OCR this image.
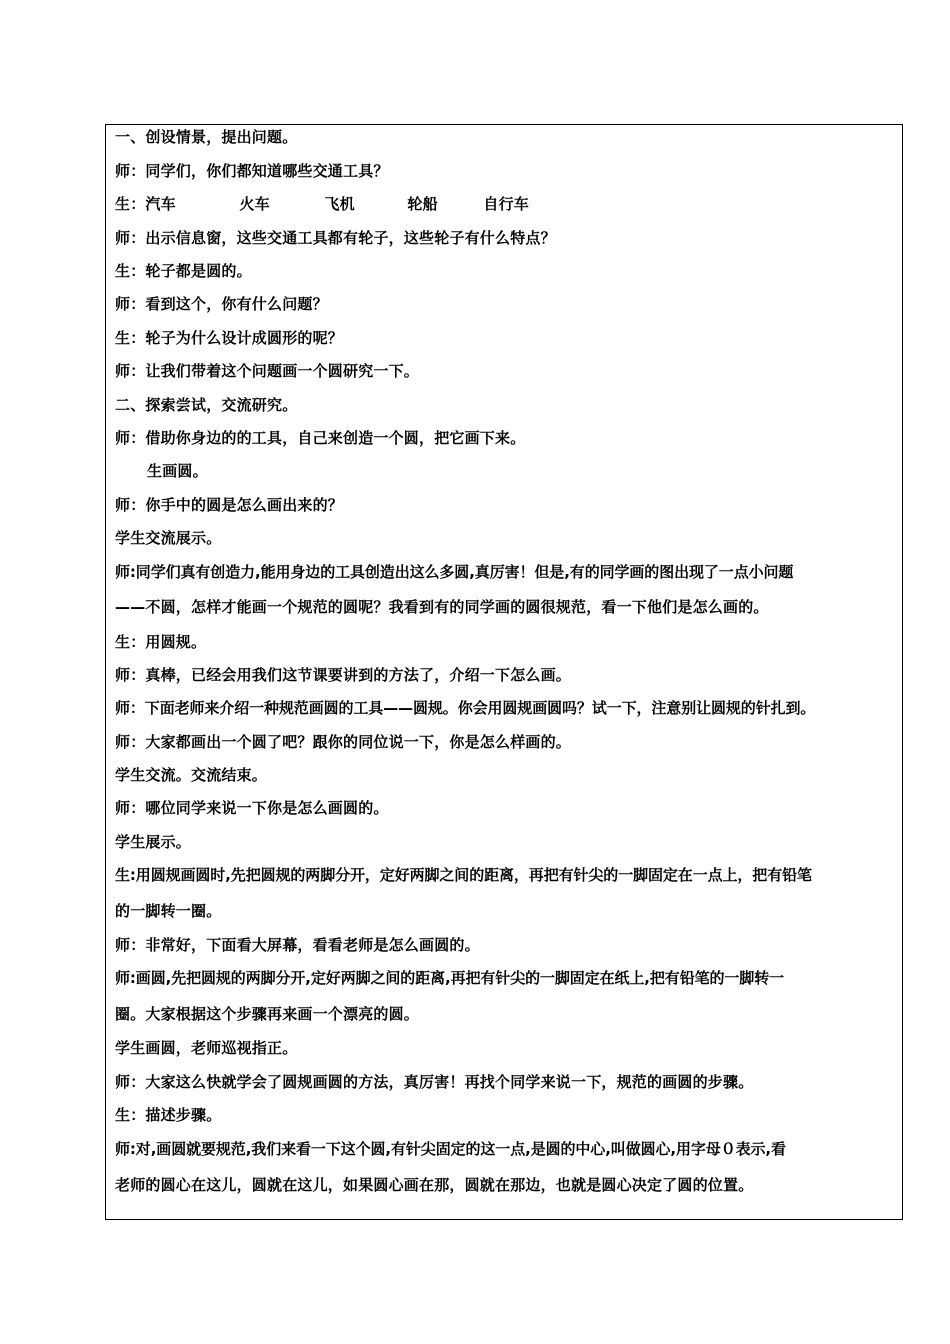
一、创设情景，提出问题。
师：同学们，你们都知道哪些交通工具？
生：汽车	火车	飞机	轮船	自行车
师：出示信息窗，这些交通工具都有轮子，这些轮子有什么特点？
生：轮子都是圆的。
师：看到这个，你有什么问题？
生：轮子为什么设计成圆形的呢？
师：让我们带着这个问题画一个圆研究一下。
二、探索尝试，交流研究。
师：借助你身边的的工具，自己来创造一个圆，把它画下来。
生画圆。
师：你手中的圆是怎么画出来的？
学生交流展示。
师:同学们真有创造力,能用身边的工具创造出这么多圆,真厉害！但是,有的同学画的图出现了一点小问题
——不圆，怎样才能画一个规范的圆呢？我看到有的同学画的圆很规范，看一下他们是怎么画的。
生：用圆规。
师：真棒，已经会用我们这节课要讲到的方法了，介绍一下怎么画。
师：下面老师来介绍一种规范画圆的工具——圆规。你会用圆规画圆吗？试一下，注意别让圆规的针扎到。
师：大家都画出一个圆了吧？跟你的同位说一下，你是怎么样画的。
学生交流。交流结束。
师：哪位同学来说一下你是怎么画圆的。
学生展示。
生:用圆规画圆时,先把圆规的两脚分开，定好两脚之间的距离，再把有针尖的一脚固定在一点上，把有铅笔
的一脚转一圈。
师：非常好，下面看大屏幕，看看老师是怎么画圆的。
师:画圆,先把圆规的两脚分开,定好两脚之间的距离,再把有针尖的一脚固定在纸上,把有铅笔的一脚转一
圈。大家根据这个步骤再来画一个漂亮的圆。
学生画圆，老师巡视指正。
师：大家这么快就学会了圆规画圆的方法，真厉害！再找个同学来说一下，规范的画圆的步骤。
生：描述步骤。
师:对,画圆就要规范,我们来看一下这个圆,有针尖固定的这一点,是圆的中心,叫做圆心,用字母０表示,看
老师的圆心在这儿，圆就在这儿，如果圆心画在那，圆就在那边，也就是圆心决定了圆的位置。
